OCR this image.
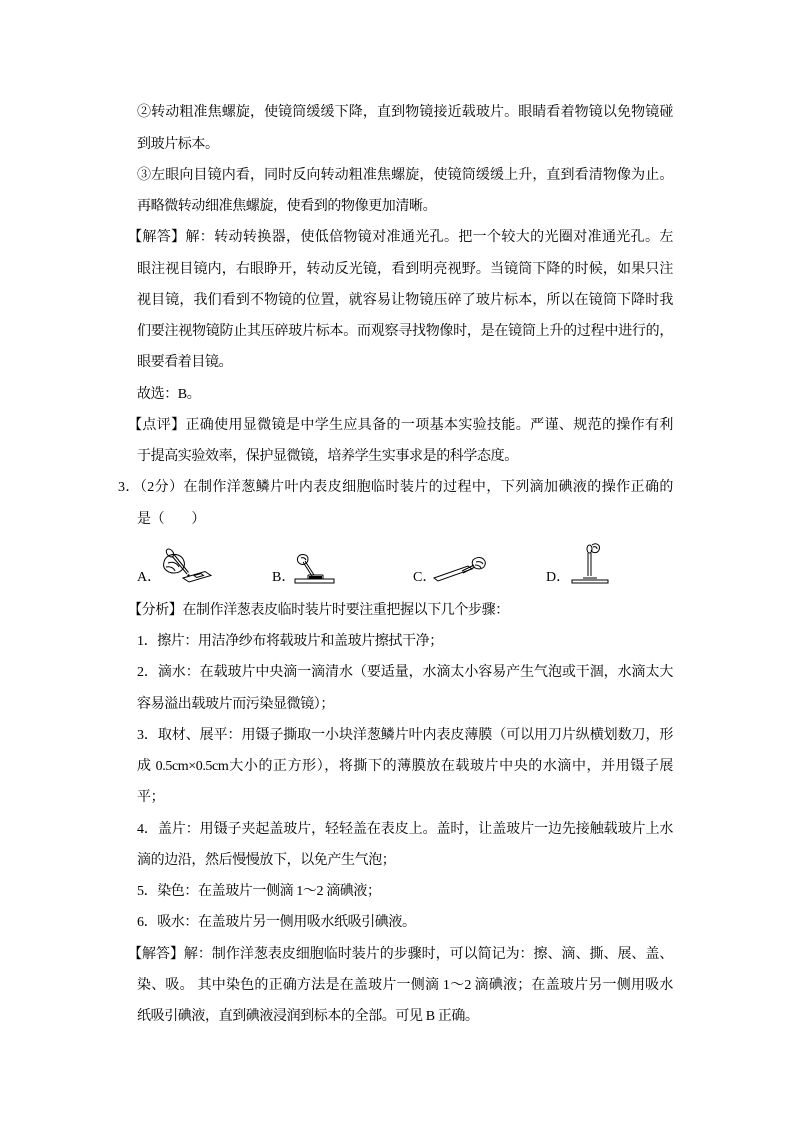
②转动粗准焦螺旋，使镜筒缓缓下降，直到物镜接近载玻片。眼睛看着物镜以免物镜碰
到玻片标本。
③左眼向目镜内看，同时反向转动粗准焦螺旋，使镜筒缓缓上升，直到看清物像为止。
再略微转动细准焦螺旋，使看到的物像更加清晰。
【解答】解：转动转换器，使低倍物镜对准通光孔。把一个较大的光圈对准通光孔。左
眼注视目镜内，右眼睁开，转动反光镜，看到明亮视野。当镜筒下降的时候，如果只注
视目镜，我们看到不物镜的位置，就容易让物镜压碎了玻片标本，所以在镜筒下降时我
们要注视物镜防止其压碎玻片标本。而观察寻找物像时，是在镜筒上升的过程中进行的，
眼要看着目镜。
故选：B。
【点评】正确使用显微镜是中学生应具备的一项基本实验技能。严谨、规范的操作有利
于提高实验效率，保护显微镜，培养学生实事求是的科学态度。
3．（2分）在制作洋葱鳞片叶内表皮细胞临时装片的过程中，下列滴加碘液的操作正确的
是（　　）
A．	B．	C．	D．
【分析】在制作洋葱表皮临时装片时要注重把握以下几个步骤：
1．擦片：用洁净纱布将载玻片和盖玻片擦拭干净；
2．滴水：在载玻片中央滴一滴清水（要适量，水滴太小容易产生气泡或干涸，水滴太大
容易溢出载玻片而污染显微镜）；
3．取材、展平：用镊子撕取一小块洋葱鳞片叶内表皮薄膜（可以用刀片纵横划数刀，形
成 0.5cm×0.5cm大小的正方形），将撕下的薄膜放在载玻片中央的水滴中，并用镊子展
平；
4．盖片：用镊子夹起盖玻片，轻轻盖在表皮上。盖时，让盖玻片一边先接触载玻片上水
滴的边沿，然后慢慢放下，以免产生气泡；
5．染色：在盖玻片一侧滴 1～2 滴碘液；
6．吸水：在盖玻片另一侧用吸水纸吸引碘液。
【解答】解：制作洋葱表皮细胞临时装片的步骤时，可以简记为：擦、滴、撕、展、盖、
染、吸。 其中染色的正确方法是在盖玻片一侧滴 1～2 滴碘液；在盖玻片另一侧用吸水
纸吸引碘液，直到碘液浸润到标本的全部。可见 B 正确。
